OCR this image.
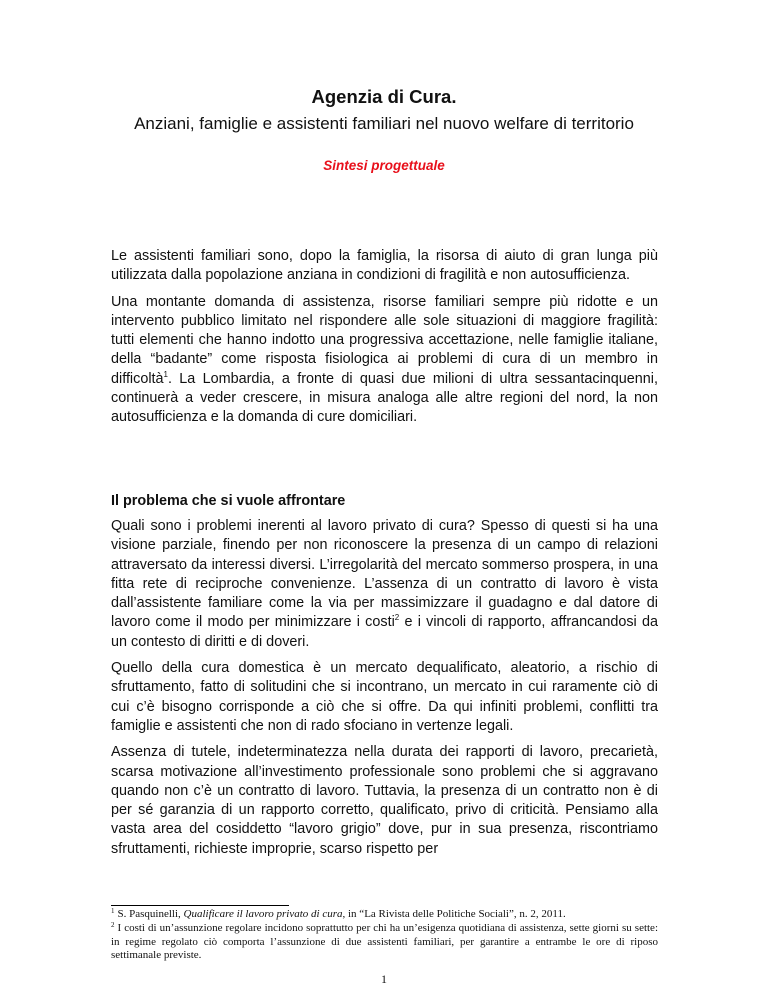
Agenzia di Cura.
Anziani, famiglie e assistenti familiari nel nuovo welfare di territorio
Sintesi progettuale

Le assistenti familiari sono, dopo la famiglia, la risorsa di aiuto di gran lunga più utilizzata dalla popolazione anziana in condizioni di fragilità e non autosufficienza.

Una montante domanda di assistenza, risorse familiari sempre più ridotte e un intervento pubblico limitato nel rispondere alle sole situazioni di maggiore fragilità: tutti elementi che hanno indotto una progressiva accettazione, nelle famiglie italiane, della “badante” come risposta fisiologica ai problemi di cura di un membro in difficoltà$^1$. La Lombardia, a fronte di quasi due milioni di ultra sessantacinquenni, continuerà a veder crescere, in misura analoga alle altre regioni del nord, la non autosufficienza e la domanda di cure domiciliari.

Il problema che si vuole affrontare

Quali sono i problemi inerenti al lavoro privato di cura? Spesso di questi si ha una visione parziale, finendo per non riconoscere la presenza di un campo di relazioni attraversato da interessi diversi. L’irregolarità del mercato sommerso prospera, in una fitta rete di reciproche convenienze. L’assenza di un contratto di lavoro è vista dall’assistente familiare come la via per massimizzare il guadagno e dal datore di lavoro come il modo per minimizzare i costi$^2$ e i vincoli di rapporto, affrancandosi da un contesto di diritti e di doveri.

Quello della cura domestica è un mercato dequalificato, aleatorio, a rischio di sfruttamento, fatto di solitudini che si incontrano, un mercato in cui raramente ciò di cui c’è bisogno corrisponde a ciò che si offre. Da qui infiniti problemi, conflitti tra famiglie e assistenti che non di rado sfociano in vertenze legali.

Assenza di tutele, indeterminatezza nella durata dei rapporti di lavoro, precarietà, scarsa motivazione all’investimento professionale sono problemi che si aggravano quando non c’è un contratto di lavoro. Tuttavia, la presenza di un contratto non è di per sé garanzia di un rapporto corretto, qualificato, privo di criticità. Pensiamo alla vasta area del cosiddetto “lavoro grigio” dove, pur in sua presenza, riscontriamo sfruttamenti, richieste improprie, scarso rispetto per

$^1$ S. Pasquinelli, Qualificare il lavoro privato di cura, in “La Rivista delle Politiche Sociali”, n. 2, 2011.
$^2$ I costi di un’assunzione regolare incidono soprattutto per chi ha un’esigenza quotidiana di assistenza, sette giorni su sette: in regime regolato ciò comporta l’assunzione di due assistenti familiari, per garantire a entrambe le ore di riposo settimanale previste.
1
